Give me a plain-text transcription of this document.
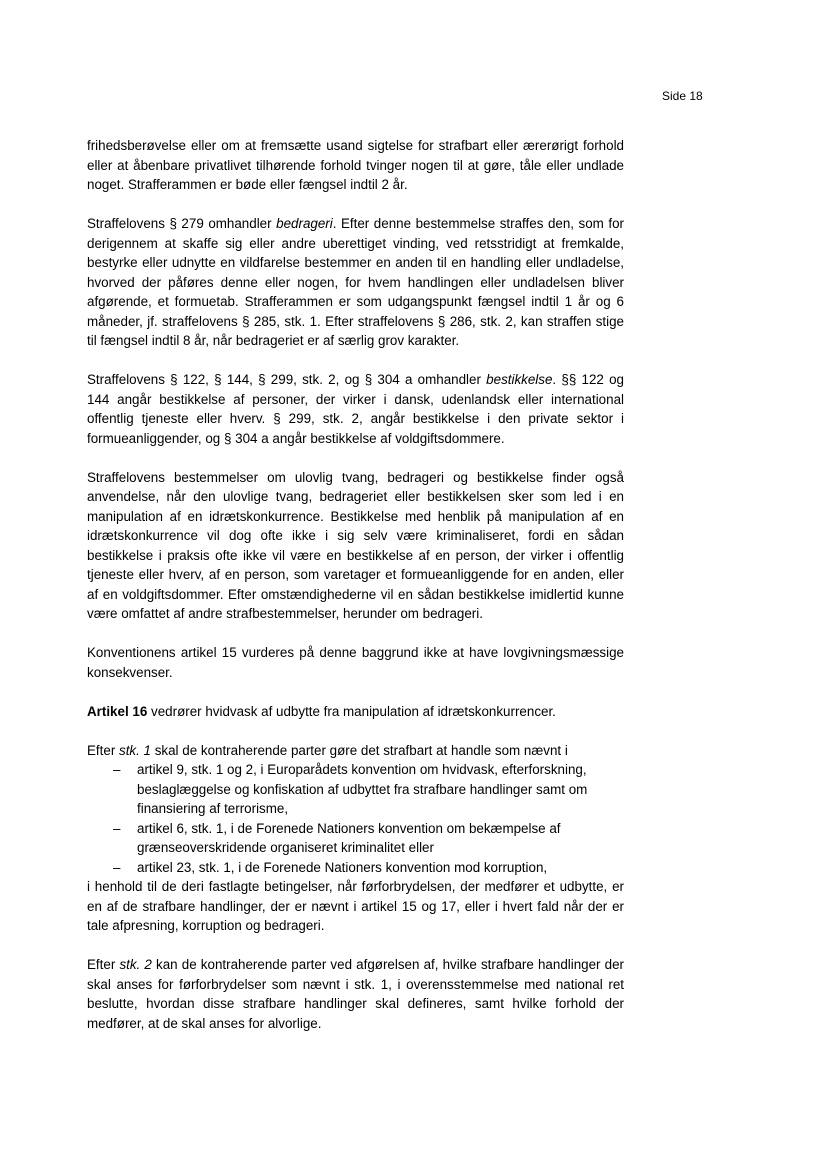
Side 18

frihedsberøvelse eller om at fremsætte usand sigtelse for strafbart eller ærerørigt forhold eller at åbenbare privatlivet tilhørende forhold tvinger nogen til at gøre, tåle eller undlade noget. Strafferammen er bøde eller fængsel indtil 2 år.

Straffelovens § 279 omhandler bedrageri. Efter denne bestemmelse straffes den, som for derigennem at skaffe sig eller andre uberettiget vinding, ved retsstridigt at fremkalde, bestyrke eller udnytte en vildfarelse bestemmer en anden til en handling eller undladelse, hvorved der påføres denne eller nogen, for hvem handlingen eller undladelsen bliver afgørende, et formuetab. Strafferammen er som udgangspunkt fængsel indtil 1 år og 6 måneder, jf. straffelovens § 285, stk. 1. Efter straffelovens § 286, stk. 2, kan straffen stige til fængsel indtil 8 år, når bedrageriet er af særlig grov karakter.

Straffelovens § 122, § 144, § 299, stk. 2, og § 304 a omhandler bestikkelse. §§ 122 og 144 angår bestikkelse af personer, der virker i dansk, udenlandsk eller international offentlig tjeneste eller hverv. § 299, stk. 2, angår bestikkelse i den private sektor i formueanliggender, og § 304 a angår bestikkelse af voldgiftsdommere.

Straffelovens bestemmelser om ulovlig tvang, bedrageri og bestikkelse finder også anvendelse, når den ulovlige tvang, bedrageriet eller bestikkelsen sker som led i en manipulation af en idrætskonkurrence. Bestikkelse med henblik på manipulation af en idrætskonkurrence vil dog ofte ikke i sig selv være kriminaliseret, fordi en sådan bestikkelse i praksis ofte ikke vil være en bestikkelse af en person, der virker i offentlig tjeneste eller hverv, af en person, som varetager et formueanliggende for en anden, eller af en voldgiftsdommer. Efter omstændighederne vil en sådan bestikkelse imidlertid kunne være omfattet af andre strafbestemmelser, herunder om bedrageri.

Konventionens artikel 15 vurderes på denne baggrund ikke at have lovgivningsmæssige konsekvenser.

Artikel 16 vedrører hvidvask af udbytte fra manipulation af idrætskonkurrencer.

Efter stk. 1 skal de kontraherende parter gøre det strafbart at handle som nævnt i
– artikel 9, stk. 1 og 2, i Europarådets konvention om hvidvask, efterforskning, beslaglæggelse og konfiskation af udbyttet fra strafbare handlinger samt om finansiering af terrorisme,
– artikel 6, stk. 1, i de Forenede Nationers konvention om bekæmpelse af grænseoverskridende organiseret kriminalitet eller
– artikel 23, stk. 1, i de Forenede Nationers konvention mod korruption,
i henhold til de deri fastlagte betingelser, når førforbrydelsen, der medfører et udbytte, er en af de strafbare handlinger, der er nævnt i artikel 15 og 17, eller i hvert fald når der er tale afpresning, korruption og bedrageri.

Efter stk. 2 kan de kontraherende parter ved afgørelsen af, hvilke strafbare handlinger der skal anses for førforbrydelser som nævnt i stk. 1, i overensstemmelse med national ret beslutte, hvordan disse strafbare handlinger skal defineres, samt hvilke forhold der medfører, at de skal anses for alvorlige.
